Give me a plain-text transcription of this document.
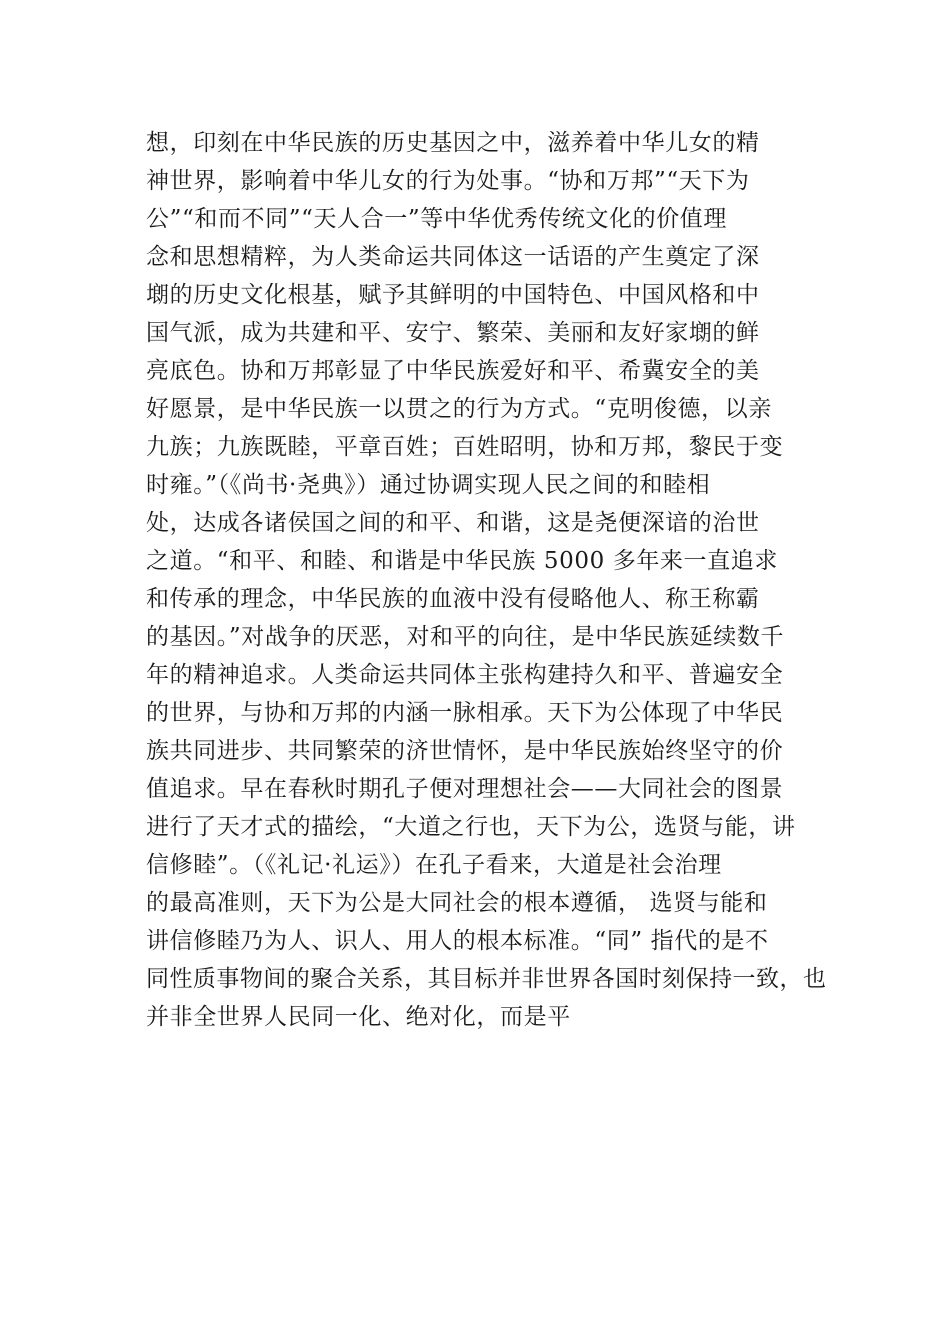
想，印刻在中华民族的历史基因之中，滋养着中华儿女的精
神世界，影响着中华儿女的行为处事。“协和万邦”“天下为
公”“和而不同”“天人合一”等中华优秀传统文化的价值理
念和思想精粹，为人类命运共同体这一话语的产生奠定了深
㙟的历史文化根基，赋予其鲜明的中国特色、中国风格和中
国气派，成为共建和平、安宁、繁荣、美丽和友好家㙟的鲜
亮底色。协和万邦彰显了中华民族爱好和平、希冀安全的美
好愿景，是中华民族一以贯之的行为方式。“克明俊德，以亲
九族；九族既睦，平章百姓；百姓昭明，协和万邦，黎民于变
时雍。”（《尚书·尧典》）通过协调实现人民之间的和睦相
处，达成各诸侯国之间的和平、和谐，这是尧便深谙的治世
之道。“和平、和睦、和谐是中华民族 5000 多年来一直追求
和传承的理念，中华民族的血液中没有侵略他人、称王称霸
的基因。”对战争的厌恶，对和平的向往，是中华民族延续数千
年的精神追求。人类命运共同体主张构建持久和平、普遍安全
的世界，与协和万邦的内涵一脉相承。天下为公体现了中华民
族共同进步、共同繁荣的济世情怀，是中华民族始终坚守的价
值追求。早在春秋时期孔子便对理想社会——大同社会的图景
进行了天才式的描绘，“大道之行也，天下为公，选贤与能，讲
信修睦”。（《礼记·礼运》）在孔子看来，大道是社会治理
的最高准则，天下为公是大同社会的根本遵循， 选贤与能和
讲信修睦乃为人、识人、用人的根本标准。“同” 指代的是不
同性质事物间的聚合关系，其目标并非世界各国时刻保持一致，也
并非全世界人民同一化、绝对化，而是平
